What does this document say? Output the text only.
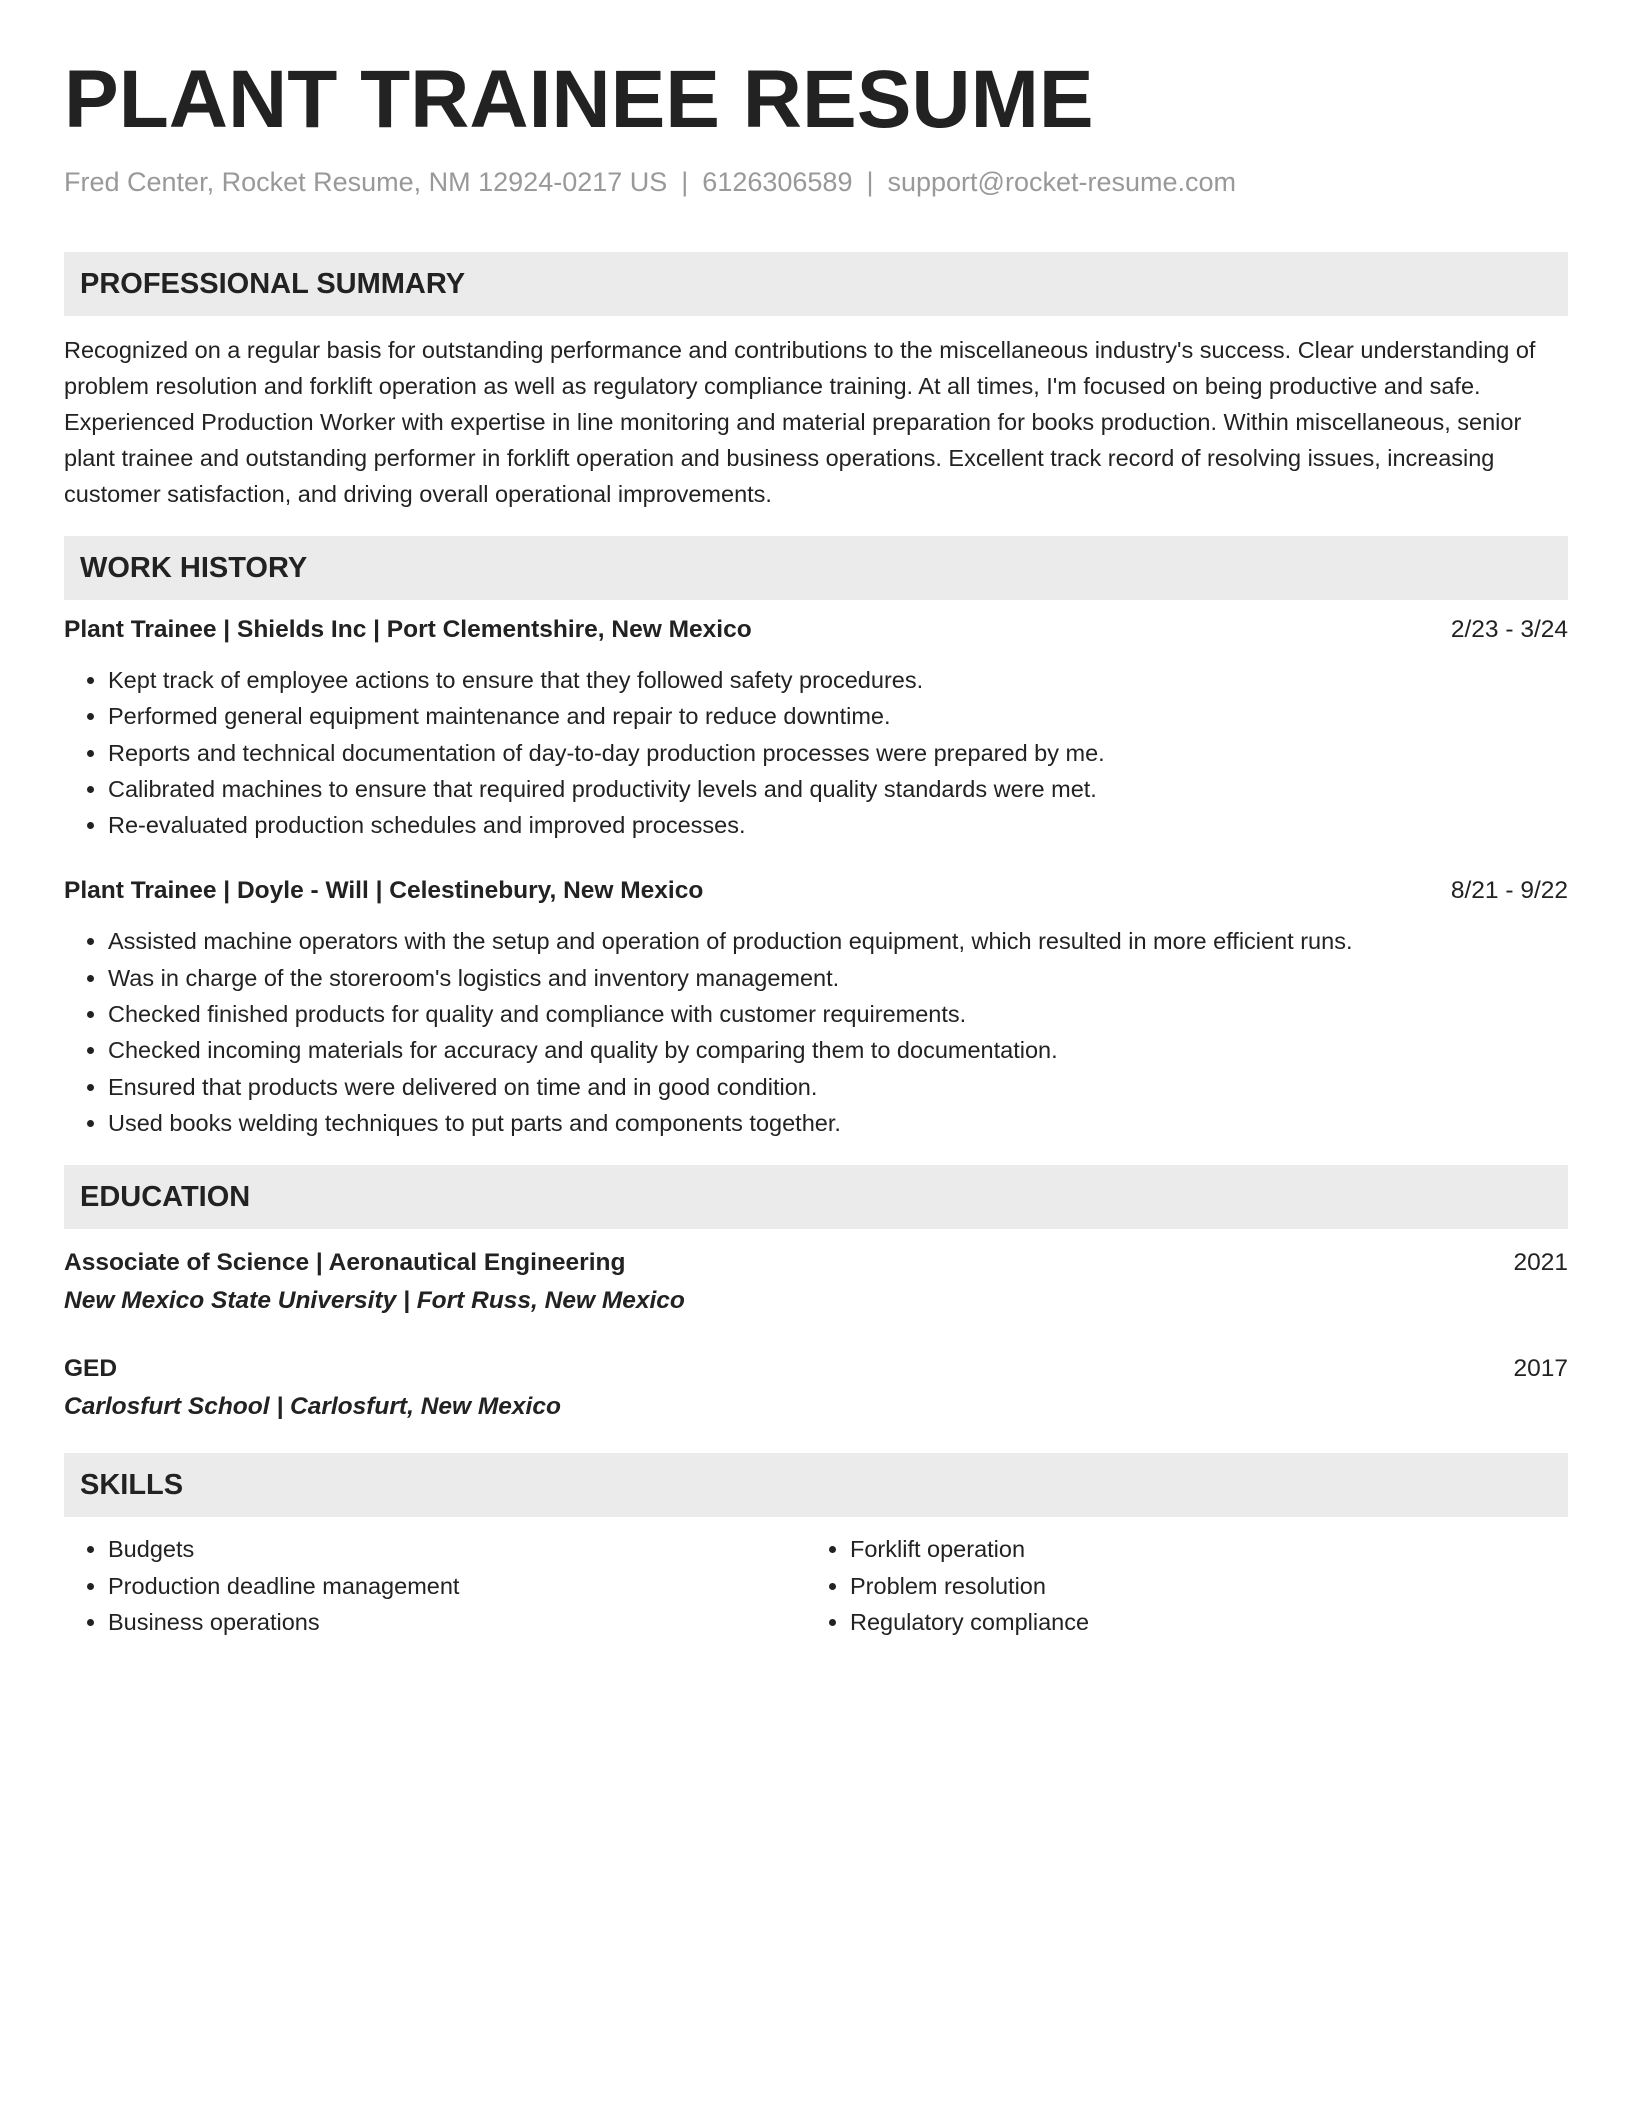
PLANT TRAINEE RESUME
Fred Center, Rocket Resume, NM 12924-0217 US | 6126306589 | support@rocket-resume.com
PROFESSIONAL SUMMARY
Recognized on a regular basis for outstanding performance and contributions to the miscellaneous industry's success. Clear understanding of problem resolution and forklift operation as well as regulatory compliance training. At all times, I'm focused on being productive and safe. Experienced Production Worker with expertise in line monitoring and material preparation for books production. Within miscellaneous, senior plant trainee and outstanding performer in forklift operation and business operations. Excellent track record of resolving issues, increasing customer satisfaction, and driving overall operational improvements.
WORK HISTORY
Plant Trainee | Shields Inc | Port Clementshire, New Mexico	2/23 - 3/24
• Kept track of employee actions to ensure that they followed safety procedures.
• Performed general equipment maintenance and repair to reduce downtime.
• Reports and technical documentation of day-to-day production processes were prepared by me.
• Calibrated machines to ensure that required productivity levels and quality standards were met.
• Re-evaluated production schedules and improved processes.
Plant Trainee | Doyle - Will | Celestinebury, New Mexico	8/21 - 9/22
• Assisted machine operators with the setup and operation of production equipment, which resulted in more efficient runs.
• Was in charge of the storeroom's logistics and inventory management.
• Checked finished products for quality and compliance with customer requirements.
• Checked incoming materials for accuracy and quality by comparing them to documentation.
• Ensured that products were delivered on time and in good condition.
• Used books welding techniques to put parts and components together.
EDUCATION
Associate of Science | Aeronautical Engineering	2021
New Mexico State University | Fort Russ, New Mexico
GED	2017
Carlosfurt School | Carlosfurt, New Mexico
SKILLS
• Budgets
• Production deadline management
• Business operations
• Forklift operation
• Problem resolution
• Regulatory compliance
